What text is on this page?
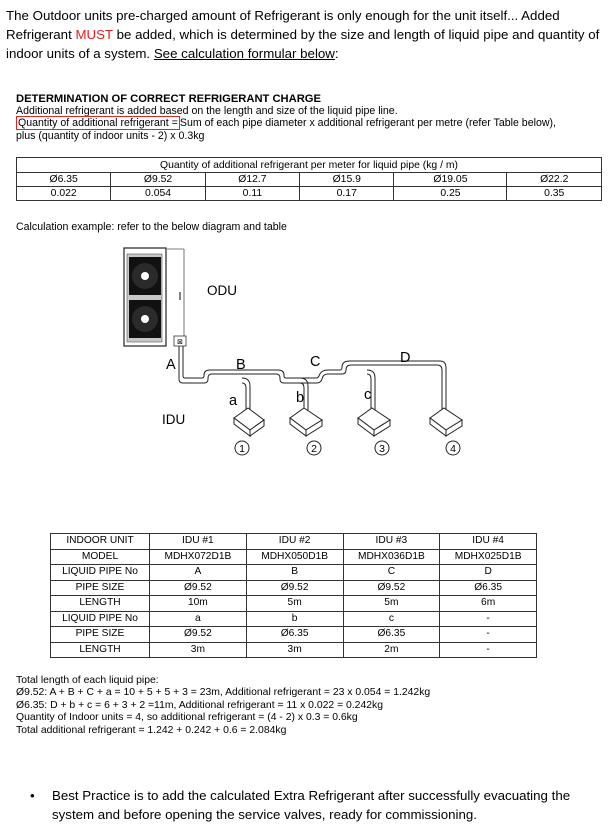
The Outdoor units pre-charged amount of Refrigerant is only enough for the unit itself... Added Refrigerant MUST be added, which is determined by the size and length of liquid pipe and quantity of indoor units of a system. See calculation formular below:
DETERMINATION OF CORRECT REFRIGERANT CHARGE
Additional refrigerant is added based on the length and size of the liquid pipe line.
Quantity of additional refrigerant = Sum of each pipe diameter x additional refrigerant per metre (refer Table below),
plus (quantity of indoor units - 2) x 0.3kg
Quantity of additional refrigerant per meter for liquid pipe (kg / m)					
Ø6.35	Ø9.52	Ø12.7	Ø15.9	Ø19.05	Ø22.2
0.022	0.054	0.11	0.17	0.25	0.35
Calculation example: refer to the below diagram and table
⊠
ODU
A	B	C	D
a	b	c
IDU
1	2	3	4
INDOOR UNIT	IDU #1	IDU #2	IDU #3	IDU #4
MODEL	MDHX072D1B	MDHX050D1B	MDHX036D1B	MDHX025D1B
LIQUID PIPE No	A	B	C	D
PIPE SIZE	Ø9.52	Ø9.52	Ø9.52	Ø6.35
LENGTH	10m	5m	5m	6m
LIQUID PIPE No	a	b	c	-
PIPE SIZE	Ø9.52	Ø6.35	Ø6.35	-
LENGTH	3m	3m	2m	-
Total length of each liquid pipe:
Ø9.52: A + B + C + a = 10 + 5 + 5 + 3 = 23m, Additional refrigerant = 23 x 0.054 = 1.242kg
Ø6.35: D + b + c = 6 + 3 + 2 =11m, Additional refrigerant = 11 x 0.022 = 0.242kg
Quantity of Indoor units = 4, so additional refrigerant = (4 - 2) x 0.3 = 0.6kg
Total additional refrigerant = 1.242 + 0.242 + 0.6 = 2.084kg
•	Best Practice is to add the calculated Extra Refrigerant after successfully evacuating the system and before opening the service valves, ready for commissioning.
